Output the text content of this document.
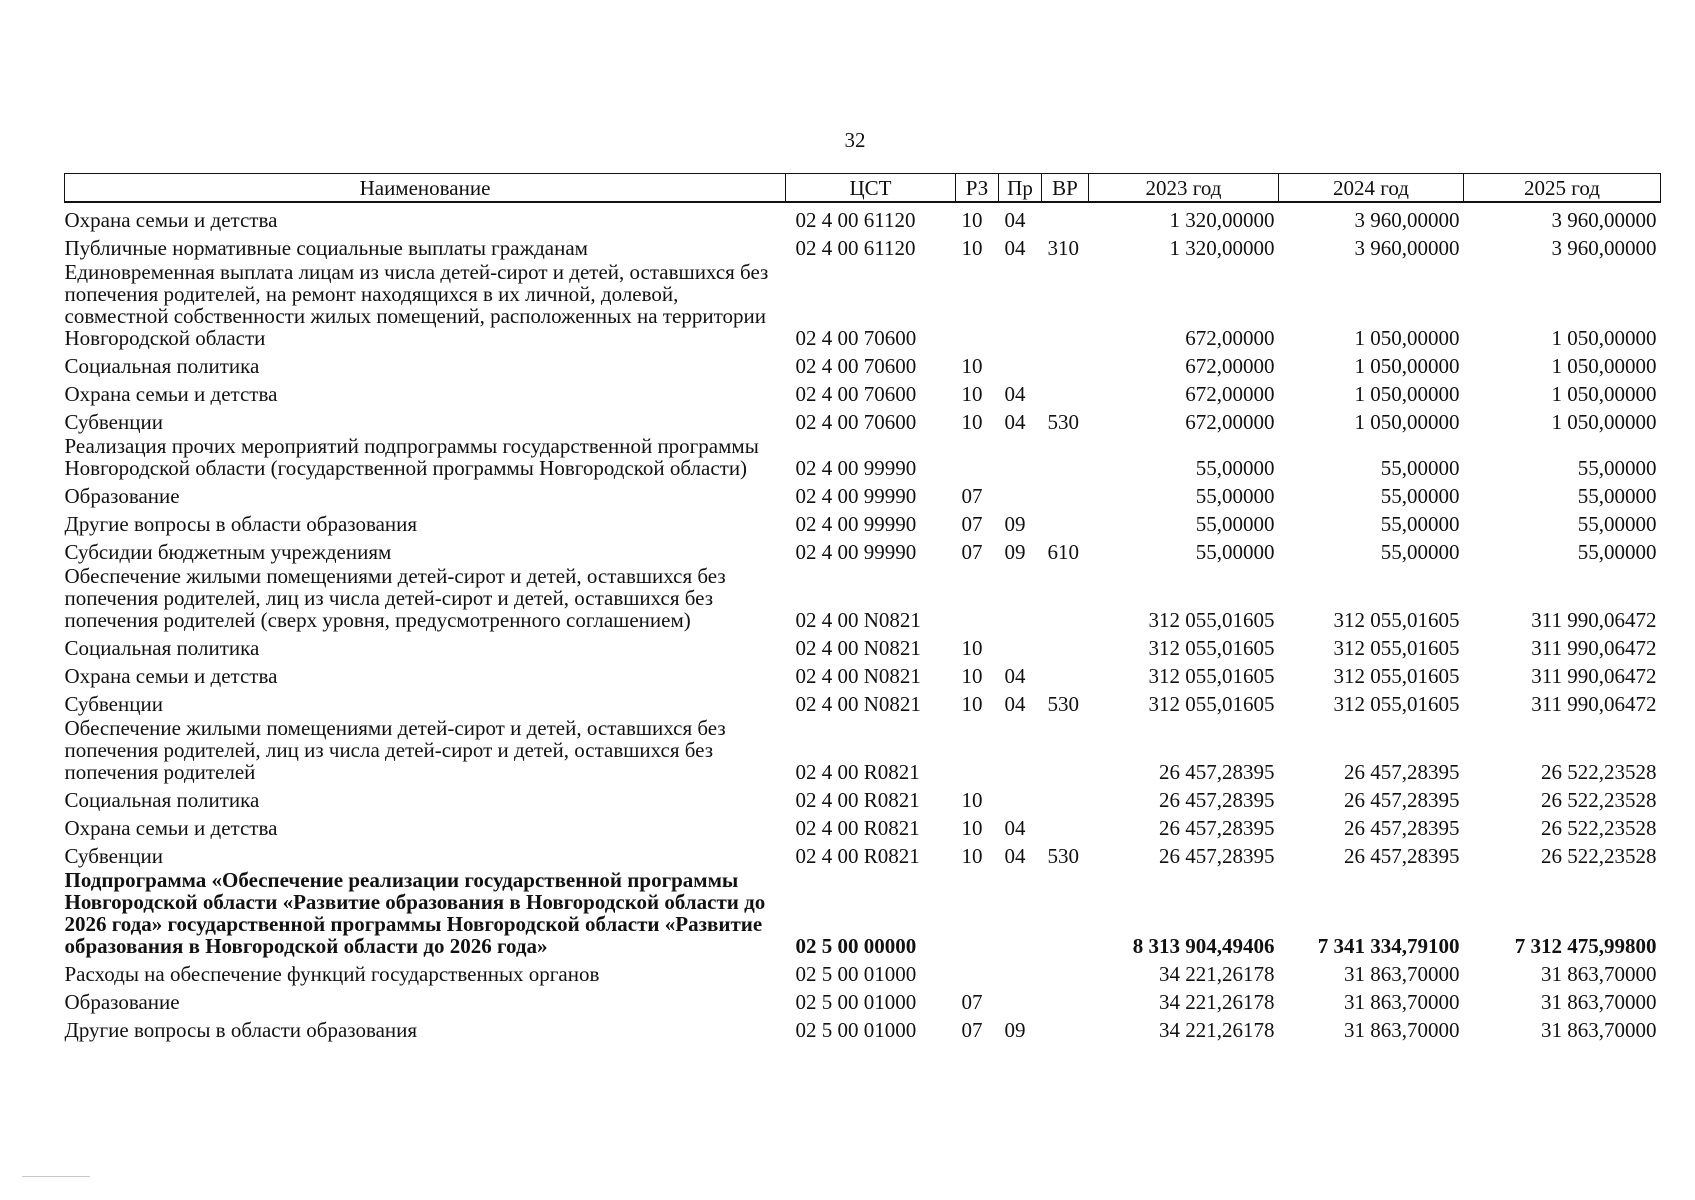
32
Наименование	ЦСТ	РЗ	Пр	ВР	2023 год	2024 год	2025 год
Охрана семьи и детства	02 4 00 61120	10	04		1 320,00000	3 960,00000	3 960,00000
Публичные нормативные социальные выплаты гражданам	02 4 00 61120	10	04	310	1 320,00000	3 960,00000	3 960,00000
Единовременная выплата лицам из числа детей-сирот и детей, оставшихся без попечения родителей, на ремонт находящихся в их личной, долевой, совместной собственности жилых помещений, расположенных на территории Новгородской области	02 4 00 70600				672,00000	1 050,00000	1 050,00000
Социальная политика	02 4 00 70600	10			672,00000	1 050,00000	1 050,00000
Охрана семьи и детства	02 4 00 70600	10	04		672,00000	1 050,00000	1 050,00000
Субвенции	02 4 00 70600	10	04	530	672,00000	1 050,00000	1 050,00000
Реализация прочих мероприятий подпрограммы государственной программы Новгородской области (государственной программы Новгородской области)	02 4 00 99990				55,00000	55,00000	55,00000
Образование	02 4 00 99990	07			55,00000	55,00000	55,00000
Другие вопросы в области образования	02 4 00 99990	07	09		55,00000	55,00000	55,00000
Субсидии бюджетным учреждениям	02 4 00 99990	07	09	610	55,00000	55,00000	55,00000
Обеспечение жилыми помещениями детей-сирот и детей, оставшихся без попечения родителей, лиц из числа детей-сирот и детей, оставшихся без попечения родителей (сверх уровня, предусмотренного соглашением)	02 4 00 N0821				312 055,01605	312 055,01605	311 990,06472
Социальная политика	02 4 00 N0821	10			312 055,01605	312 055,01605	311 990,06472
Охрана семьи и детства	02 4 00 N0821	10	04		312 055,01605	312 055,01605	311 990,06472
Субвенции	02 4 00 N0821	10	04	530	312 055,01605	312 055,01605	311 990,06472
Обеспечение жилыми помещениями детей-сирот и детей, оставшихся без попечения родителей, лиц из числа детей-сирот и детей, оставшихся без попечения родителей	02 4 00 R0821				26 457,28395	26 457,28395	26 522,23528
Социальная политика	02 4 00 R0821	10			26 457,28395	26 457,28395	26 522,23528
Охрана семьи и детства	02 4 00 R0821	10	04		26 457,28395	26 457,28395	26 522,23528
Субвенции	02 4 00 R0821	10	04	530	26 457,28395	26 457,28395	26 522,23528
Подпрограмма «Обеспечение реализации государственной программы Новгородской области «Развитие образования в Новгородской области до 2026 года» государственной программы Новгородской области «Развитие образования в Новгородской области до 2026 года»	02 5 00 00000				8 313 904,49406	7 341 334,79100	7 312 475,99800
Расходы на обеспечение функций государственных органов	02 5 00 01000				34 221,26178	31 863,70000	31 863,70000
Образование	02 5 00 01000	07			34 221,26178	31 863,70000	31 863,70000
Другие вопросы в области образования	02 5 00 01000	07	09		34 221,26178	31 863,70000	31 863,70000
